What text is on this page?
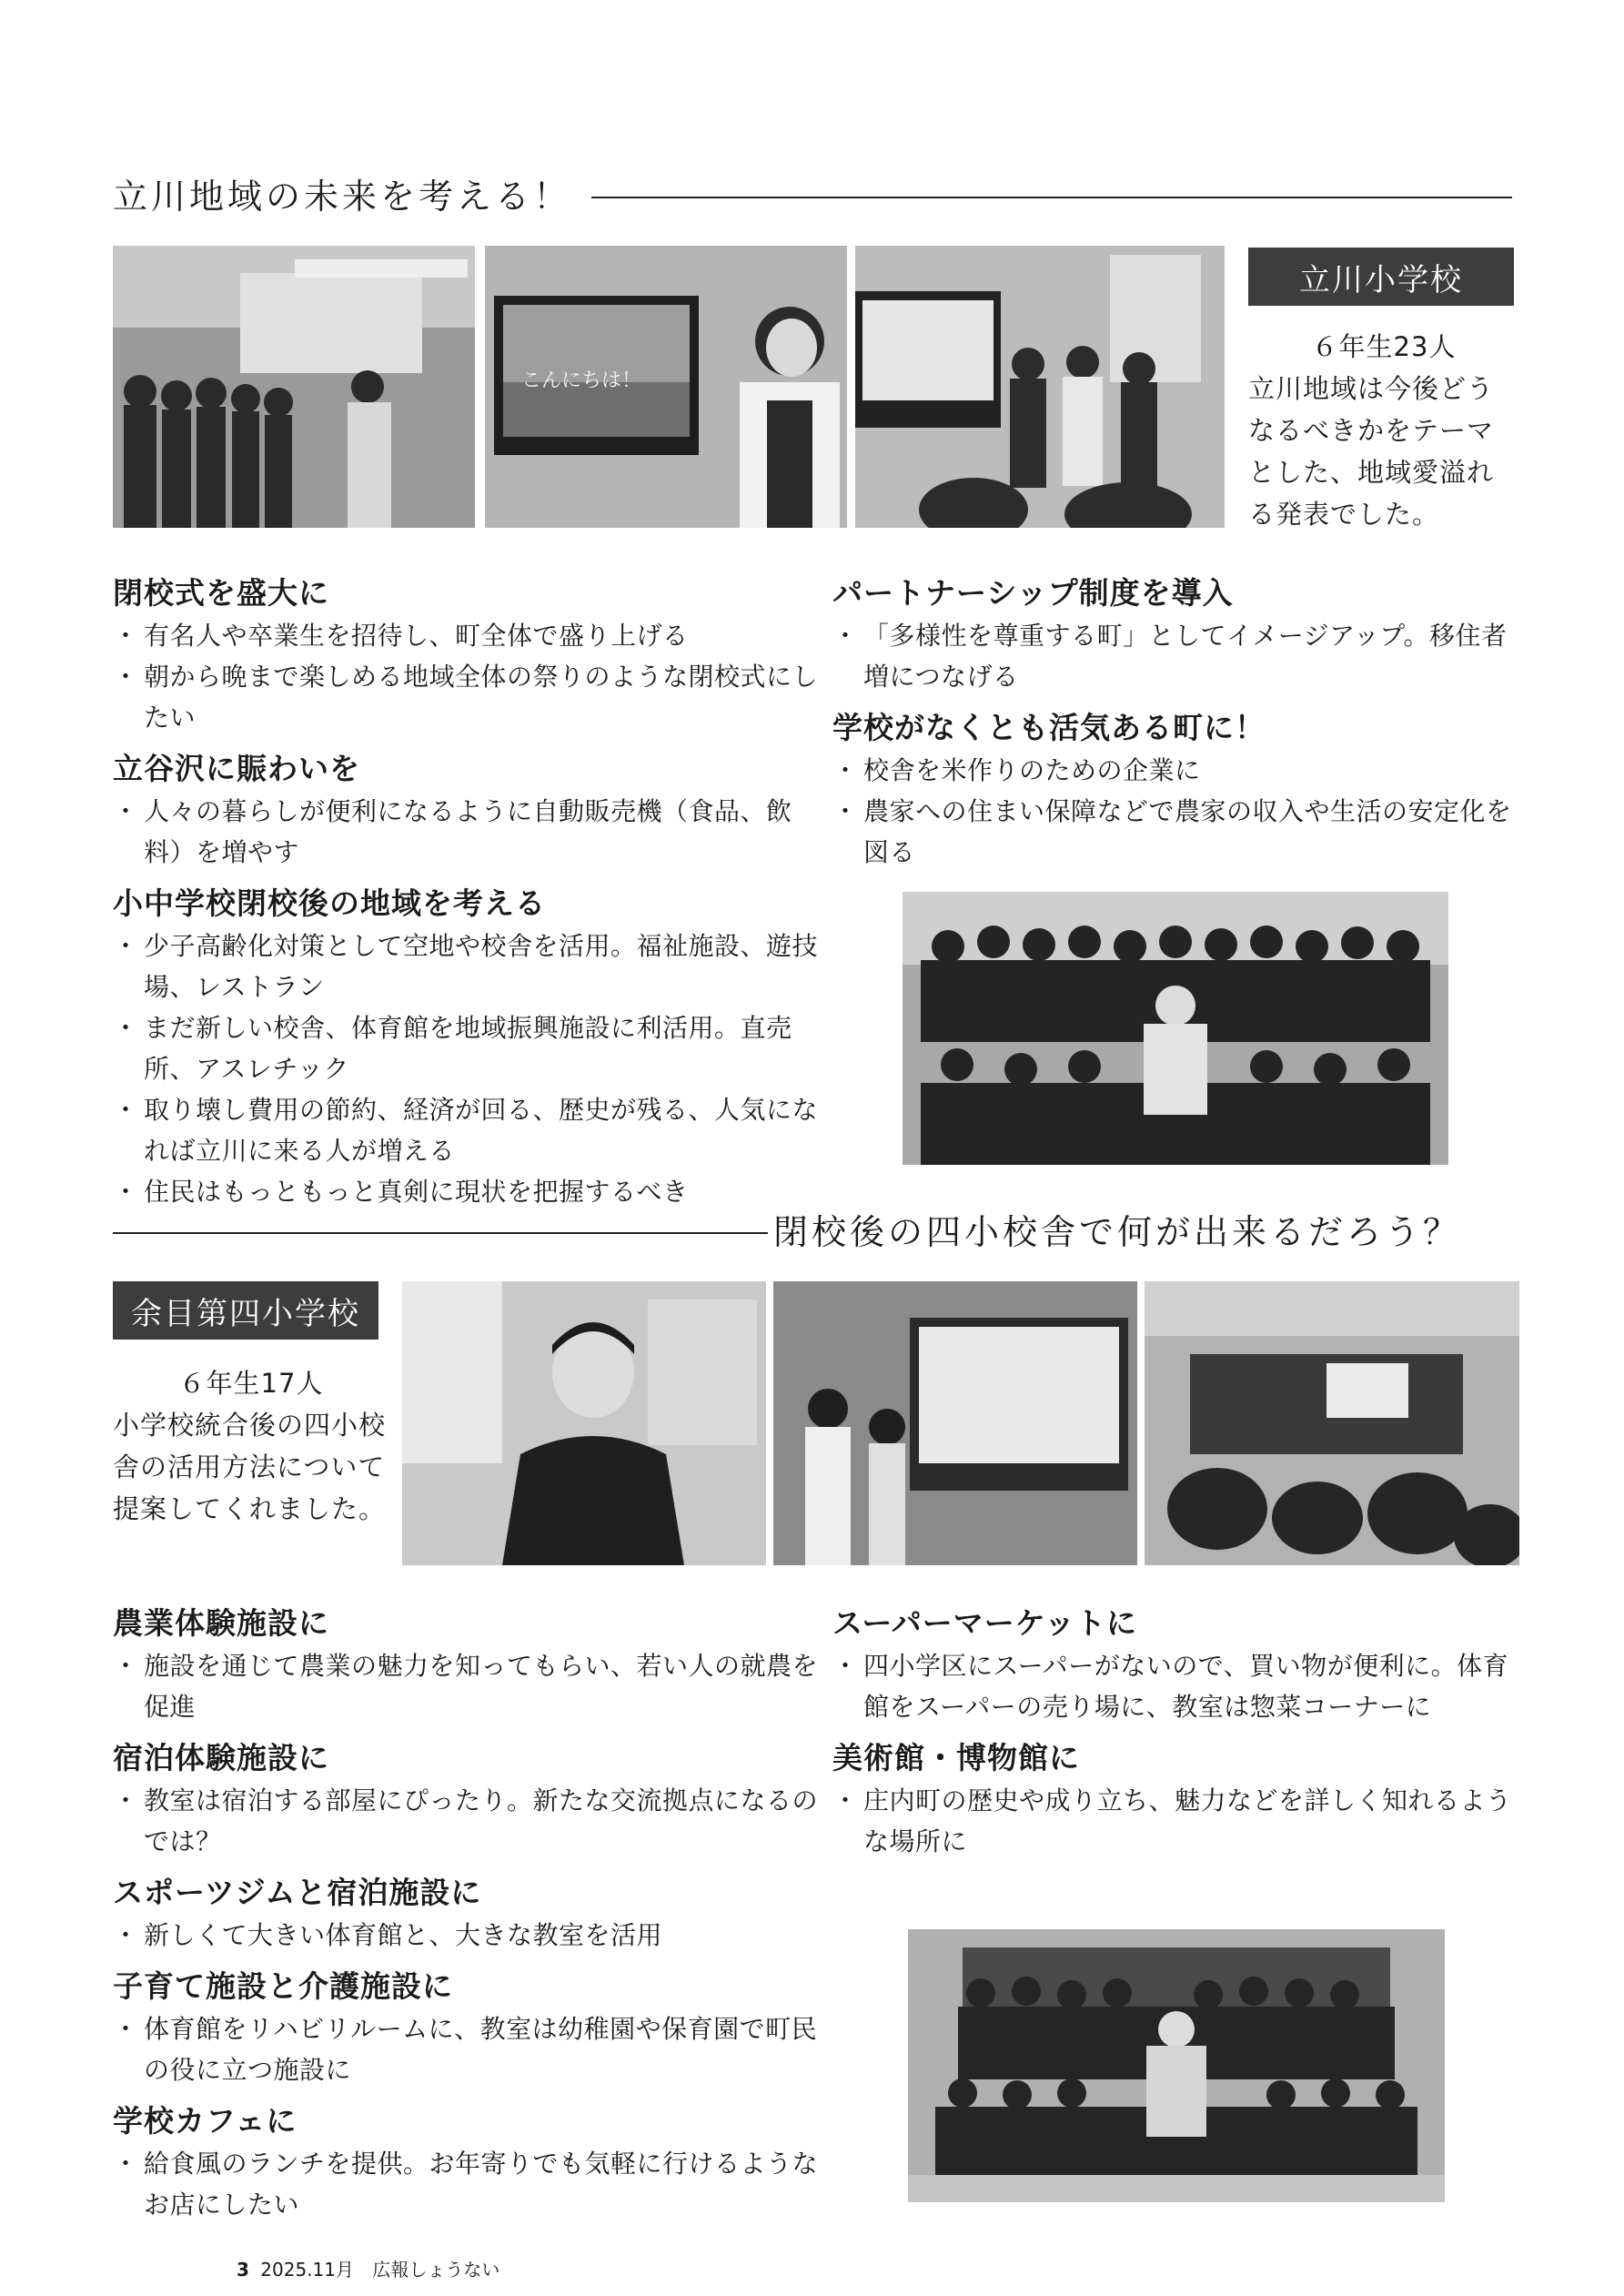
立川地域の未来を考える！
こんにちは！
立川小学校
６年生23人
立川地域は今後どうなるべきかをテーマとした、地域愛溢れる発表でした。
閉校式を盛大に
・ 有名人や卒業生を招待し、町全体で盛り上げる
・ 朝から晩まで楽しめる地域全体の祭りのような閉校式にしたい
立谷沢に賑わいを
・ 人々の暮らしが便利になるように自動販売機（食品、飲料）を増やす
小中学校閉校後の地域を考える
・ 少子高齢化対策として空地や校舎を活用。福祉施設、遊技場、レストラン
・ まだ新しい校舎、体育館を地域振興施設に利活用。直売所、アスレチック
・ 取り壊し費用の節約、経済が回る、歴史が残る、人気になれば立川に来る人が増える
・ 住民はもっともっと真剣に現状を把握するべき
パートナーシップ制度を導入
・ 「多様性を尊重する町」としてイメージアップ。移住者増につなげる
学校がなくとも活気ある町に！
・ 校舎を米作りのための企業に
・ 農家への住まい保障などで農家の収入や生活の安定化を図る
閉校後の四小校舎で何が出来るだろう？
余目第四小学校
６年生17人
小学校統合後の四小校舎の活用方法について提案してくれました。
農業体験施設に
・ 施設を通じて農業の魅力を知ってもらい、若い人の就農を促進
宿泊体験施設に
・ 教室は宿泊する部屋にぴったり。新たな交流拠点になるのでは？
スポーツジムと宿泊施設に
・ 新しくて大きい体育館と、大きな教室を活用
子育て施設と介護施設に
・ 体育館をリハビリルームに、教室は幼稚園や保育園で町民の役に立つ施設に
学校カフェに
・ 給食風のランチを提供。お年寄りでも気軽に行けるようなお店にしたい
スーパーマーケットに
・ 四小学区にスーパーがないので、買い物が便利に。体育館をスーパーの売り場に、教室は惣菜コーナーに
美術館・博物館に
・ 庄内町の歴史や成り立ち、魅力などを詳しく知れるような場所に
3 2025.11月 広報しょうない
